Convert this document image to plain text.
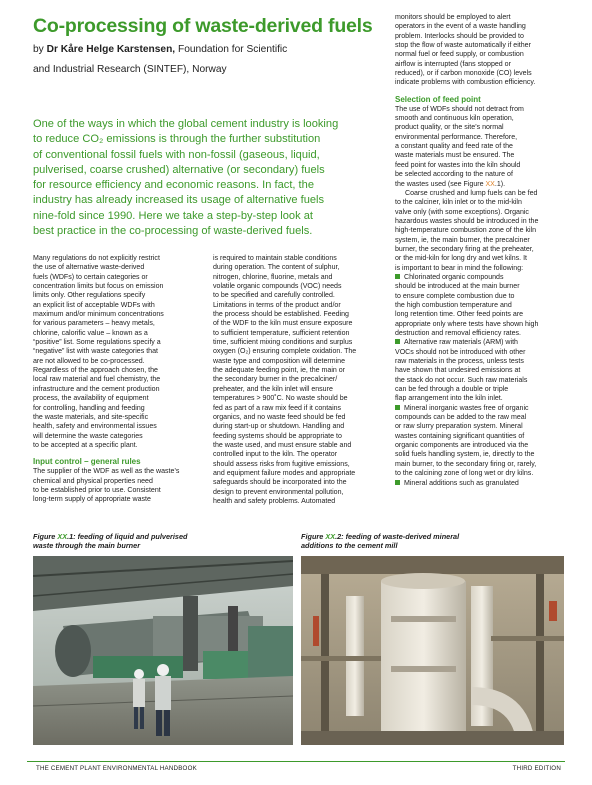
Co-processing of waste-derived fuels
by Dr Kåre Helge Karstensen, Foundation for Scientific
and Industrial Research (SINTEF), Norway
One of the ways in which the global cement industry is looking
to reduce CO₂ emissions is through the further substitution
of conventional fossil fuels with non-fossil (gaseous, liquid,
pulverised, coarse crushed) alternative (or secondary) fuels
for resource efficiency and economic reasons. In fact, the
industry has already increased its usage of alternative fuels
nine-fold since 1990. Here we take a step-by-step look at
best practice in the co-processing of waste-derived fuels.
Many regulations do not explicitly restrict
the use of alternative waste-derived
fuels (WDFs) to certain categories or
concentration limits but focus on emission
limits only. Other regulations specify
an explicit list of acceptable WDFs with
maximum and/or minimum concentrations
for various parameters – heavy metals,
chlorine, calorific value – known as a
“positive” list. Some regulations specify a
“negative” list with waste categories that
are not allowed to be co-processed.
Regardless of the approach chosen, the
local raw material and fuel chemistry, the
infrastructure and the cement production
process, the availability of equipment
for controlling, handling and feeding
the waste materials, and site-specific
health, safety and environmental issues
will determine the waste categories
to be accepted at a specific plant.
Input control – general rules
The supplier of the WDF as well as the waste’s
chemical and physical properties need
to be established prior to use. Consistent
long-term supply of appropriate waste
is required to maintain stable conditions
during operation. The content of sulphur,
nitrogen, chlorine, fluorine, metals and
volatile organic compounds (VOC) needs
to be specified and carefully controlled.
Limitations in terms of the product and/or
the process should be established. Feeding
of the WDF to the kiln must ensure exposure
to sufficient temperature, sufficient retention
time, sufficient mixing conditions and surplus
oxygen (O₂) ensuring complete oxidation. The
waste type and composition will determine
the adequate feeding point, ie, the main or
the secondary burner in the precalciner/
preheater, and the kiln inlet will ensure
temperatures > 900˚C. No waste should be
fed as part of a raw mix feed if it contains
organics, and no waste feed should be fed
during start-up or shutdown. Handling and
feeding systems should be appropriate to
the waste used, and must ensure stable and
controlled input to the kiln. The operator
should assess risks from fugitive emissions,
and equipment failure modes and appropriate
safeguards should be incorporated into the
design to prevent environmental pollution,
health and safety problems. Automated
monitors should be employed to alert
operators in the event of a waste handling
problem. Interlocks should be provided to
stop the flow of waste automatically if either
normal fuel or feed supply, or combustion
airflow is interrupted (fans stopped or
reduced), or if carbon monoxide (CO) levels
indicate problems with combustion efficiency.
Selection of feed point
The use of WDFs should not detract from
smooth and continuous kiln operation,
product quality, or the site’s normal
environmental performance. Therefore,
a constant quality and feed rate of the
waste materials must be ensured. The
feed point for wastes into the kiln should
be selected according to the nature of
the wastes used (see Figure XX.1).
Coarse crushed and lump fuels can be fed
to the calciner, kiln inlet or to the mid-kiln
valve only (with some exceptions). Organic
hazardous wastes should be introduced in the
high-temperature combustion zone of the kiln
system, ie, the main burner, the precalciner
burner, the secondary firing at the preheater,
or the mid-kiln for long dry and wet kilns. It
is important to bear in mind the following:
Chlorinated organic compounds
should be introduced at the main burner
to ensure complete combustion due to
the high combustion temperature and
long retention time. Other feed points are
appropriate only where tests have shown high
destruction and removal efficiency rates.
Alternative raw materials (ARM) with
VOCs should not be introduced with other
raw materials in the process, unless tests
have shown that undesired emissions at
the stack do not occur. Such raw materials
can be fed through a double or triple
flap arrangement into the kiln inlet.
Mineral inorganic wastes free of organic
compounds can be added to the raw meal
or raw slurry preparation system. Mineral
wastes containing significant quantities of
organic components are introduced via the
solid fuels handling system, ie, directly to the
main burner, to the secondary firing or, rarely,
to the calcining zone of long wet or dry kilns.
Mineral additions such as granulated
Figure XX.1: feeding of liquid and pulverised
waste through the main burner
Figure XX.2: feeding of waste-derived mineral
additions to the cement mill
THE CEMENT PLANT ENVIRONMENTAL HANDBOOK	THIRD EDITION
